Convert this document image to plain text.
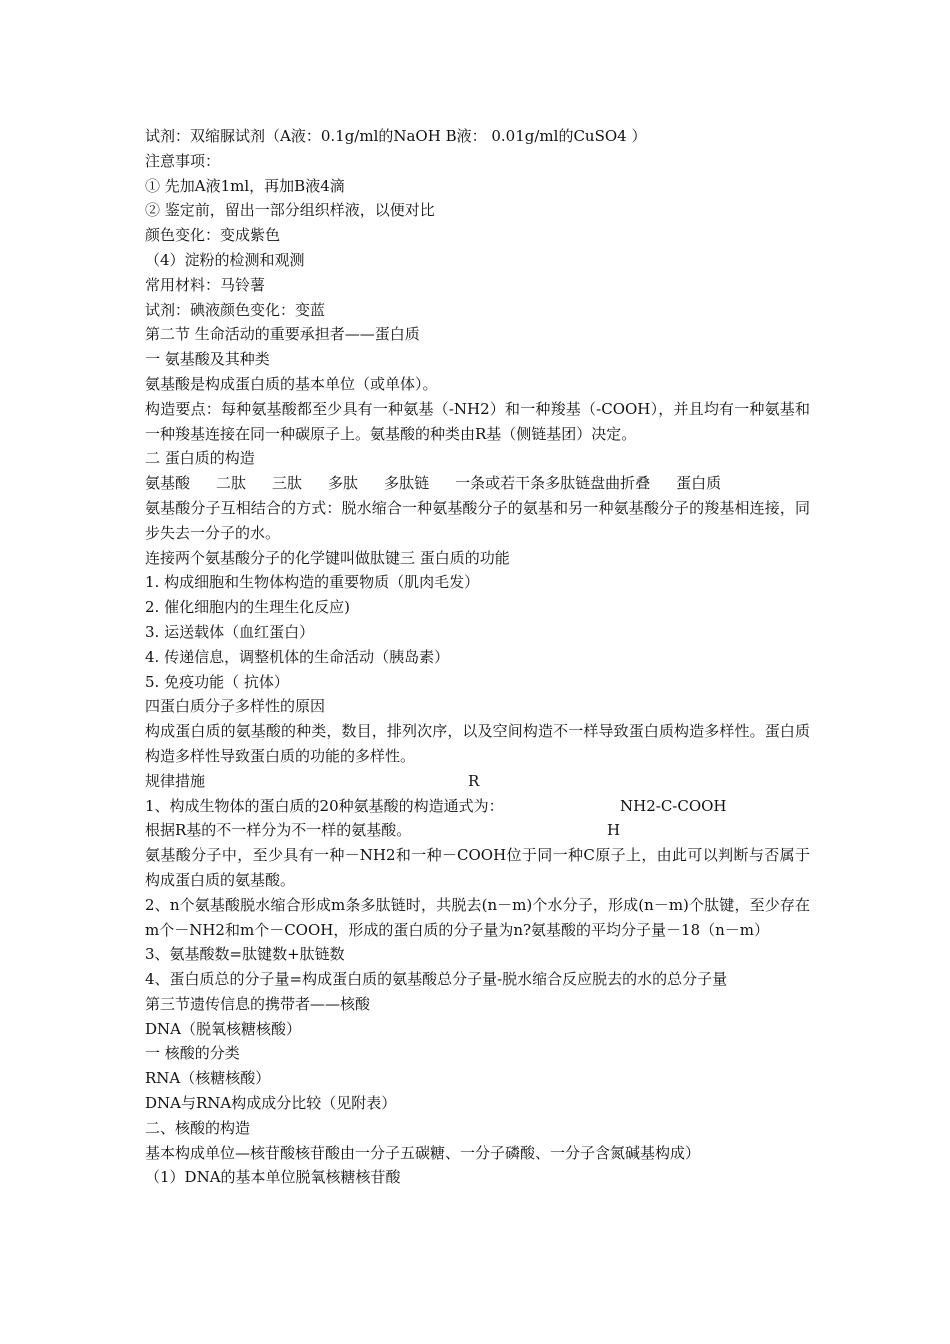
试剂：双缩脲试剂（A液：0.1g/ml的NaOH B液： 0.01g/ml的CuSO4 ）
注意事项：
① 先加A液1ml，再加B液4滴
② 鉴定前，留出一部分组织样液，以便对比
颜色变化：变成紫色
（4）淀粉的检测和观测
常用材料：马铃薯
试剂：碘液颜色变化：变蓝
第二节 生命活动的重要承担者——蛋白质
一 氨基酸及其种类
氨基酸是构成蛋白质的基本单位（或单体）。
构造要点：每种氨基酸都至少具有一种氨基（-NH2）和一种羧基（-COOH），并且均有一种氨基和一种羧基连接在同一种碳原子上。氨基酸的种类由R基（侧链基团）决定。
二 蛋白质的构造
氨基酸 二肽 三肽 多肽 多肽链 一条或若干条多肽链盘曲折叠 蛋白质
氨基酸分子互相结合的方式：脱水缩合一种氨基酸分子的氨基和另一种氨基酸分子的羧基相连接，同步失去一分子的水。
连接两个氨基酸分子的化学键叫做肽键三 蛋白质的功能
1. 构成细胞和生物体构造的重要物质（肌肉毛发）
2. 催化细胞内的生理生化反应)
3. 运送载体（血红蛋白）
4. 传递信息，调整机体的生命活动（胰岛素）
5. 免疫功能（ 抗体）
四蛋白质分子多样性的原因
构成蛋白质的氨基酸的种类，数目，排列次序，以及空间构造不一样导致蛋白质构造多样性。蛋白质构造多样性导致蛋白质的功能的多样性。
规律措施	R
1、构成生物体的蛋白质的20种氨基酸的构造通式为：	NH2-C-COOH
根据R基的不一样分为不一样的氨基酸。	H
氨基酸分子中，至少具有一种－NH2和一种－COOH位于同一种C原子上，由此可以判断与否属于构成蛋白质的氨基酸。
2、n个氨基酸脱水缩合形成m条多肽链时，共脱去(n－m)个水分子，形成(n－m)个肽键，至少存在m个－NH2和m个－COOH，形成的蛋白质的分子量为n?氨基酸的平均分子量－18（n－m）
3、氨基酸数=肽键数+肽链数
4、蛋白质总的分子量=构成蛋白质的氨基酸总分子量-脱水缩合反应脱去的水的总分子量
第三节遗传信息的携带者——核酸
DNA（脱氧核糖核酸）
一 核酸的分类
RNA（核糖核酸）
DNA与RNA构成成分比较（见附表）
二、核酸的构造
基本构成单位—核苷酸核苷酸由一分子五碳糖、一分子磷酸、一分子含氮碱基构成）
（1）DNA的基本单位脱氧核糖核苷酸
